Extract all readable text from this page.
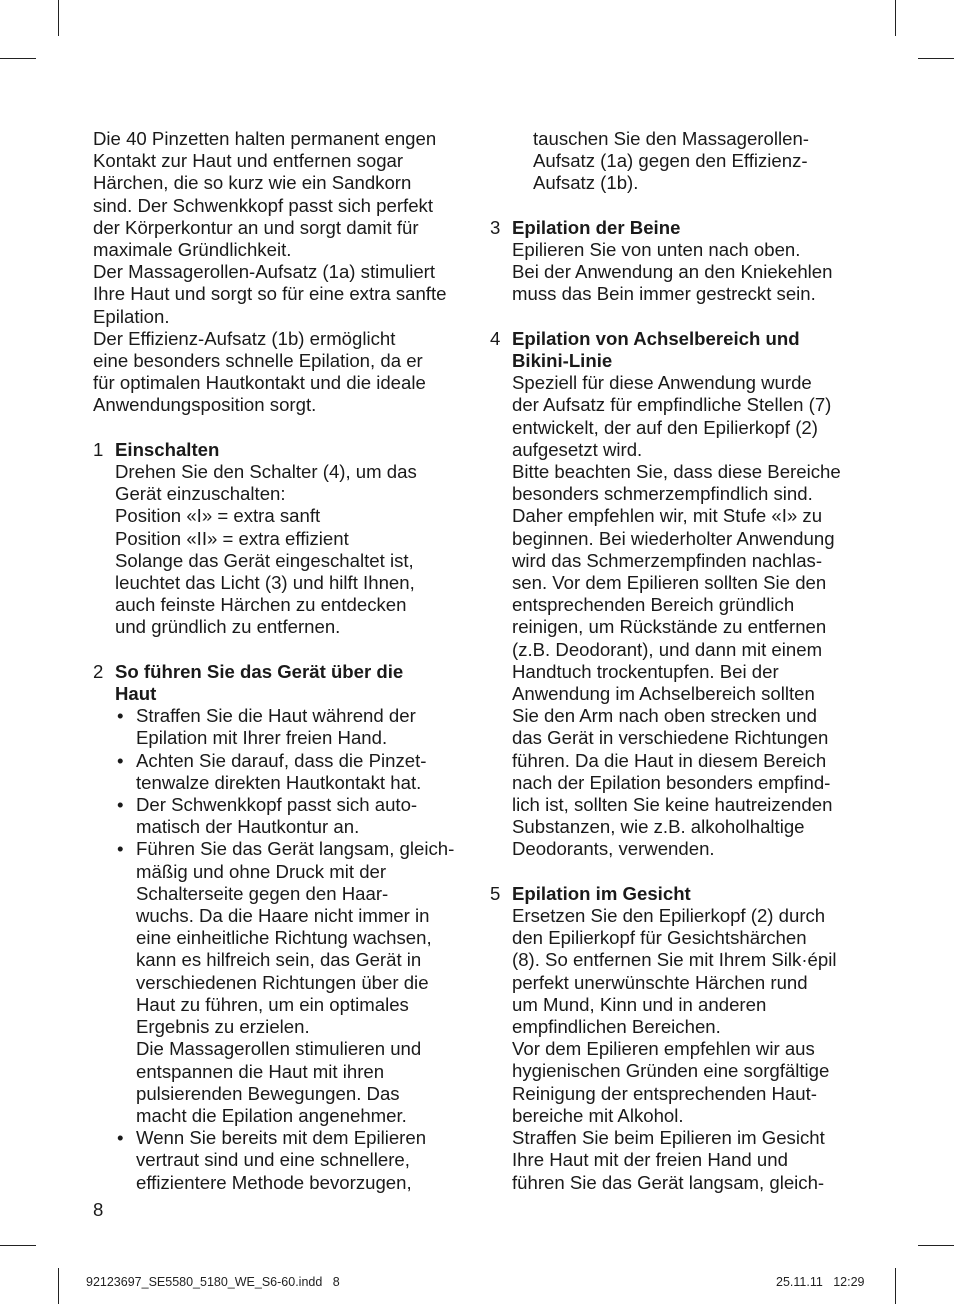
Die 40 Pinzetten halten permanent engen
Kontakt zur Haut und entfernen sogar
Härchen, die so kurz wie ein Sandkorn
sind. Der Schwenkkopf passt sich perfekt
der Körperkontur an und sorgt damit für
maximale Gründlichkeit.

Der Massagerollen-Aufsatz (1a) stimuliert
Ihre Haut und sorgt so für eine extra sanfte
Epilation.

Der Effizienz-Aufsatz (1b) ermöglicht
eine besonders schnelle Epilation, da er
für optimalen Hautkontakt und die ideale
Anwendungsposition sorgt.

1 Einschalten
Drehen Sie den Schalter (4), um das
Gerät einzuschalten:
Position «I» = extra sanft
Position «II» = extra effizient
Solange das Gerät eingeschaltet ist,
leuchtet das Licht (3) und hilft Ihnen,
auch feinste Härchen zu entdecken
und gründlich zu entfernen.
2 So führen Sie das Gerät über die
Haut
• Straffen Sie die Haut während der
Epilation mit Ihrer freien Hand.
• Achten Sie darauf, dass die Pinzet-
tenwalze direkten Hautkontakt hat.
• Der Schwenkkopf passt sich auto-
matisch der Hautkontur an.
• Führen Sie das Gerät langsam, gleich-
mäßig und ohne Druck mit der
Schalterseite gegen den Haar-
wuchs. Da die Haare nicht immer in
eine einheitliche Richtung wachsen,
kann es hilfreich sein, das Gerät in
verschiedenen Richtungen über die
Haut zu führen, um ein optimales
Ergebnis zu erzielen.
Die Massagerollen stimulieren und
entspannen die Haut mit ihren
pulsierenden Bewegungen. Das
macht die Epilation angenehmer.
• Wenn Sie bereits mit dem Epilieren
vertraut sind und eine schnellere,
effizientere Methode bevorzugen,
tauschen Sie den Massagerollen-
Aufsatz (1a) gegen den Effizienz-
Aufsatz (1b).
3 Epilation der Beine
Epilieren Sie von unten nach oben.
Bei der Anwendung an den Kniekehlen
muss das Bein immer gestreckt sein.
4 Epilation von Achselbereich und
Bikini-Linie
Speziell für diese Anwendung wurde
der Aufsatz für empfindliche Stellen (7)
entwickelt, der auf den Epilierkopf (2)
aufgesetzt wird.
Bitte beachten Sie, dass diese Bereiche
besonders schmerzempfindlich sind.
Daher empfehlen wir, mit Stufe «I» zu
beginnen. Bei wiederholter Anwendung
wird das Schmerzempfinden nachlas-
sen. Vor dem Epilieren sollten Sie den
entsprechenden Bereich gründlich
reinigen, um Rückstände zu entfernen
(z.B. Deodorant), und dann mit einem
Handtuch trockentupfen. Bei der
Anwendung im Achselbereich sollten
Sie den Arm nach oben strecken und
das Gerät in verschiedene Richtungen
führen. Da die Haut in diesem Bereich
nach der Epilation besonders empfind-
lich ist, sollten Sie keine hautreizenden
Substanzen, wie z.B. alkoholhaltige
Deodorants, verwenden.
5 Epilation im Gesicht
Ersetzen Sie den Epilierkopf (2) durch
den Epilierkopf für Gesichtshärchen
(8). So entfernen Sie mit Ihrem Silk·épil
perfekt unerwünschte Härchen rund
um Mund, Kinn und in anderen
empfindlichen Bereichen.
Vor dem Epilieren empfehlen wir aus
hygienischen Gründen eine sorgfältige
Reinigung der entsprechenden Haut-
bereiche mit Alkohol.
Straffen Sie beim Epilieren im Gesicht
Ihre Haut mit der freien Hand und
führen Sie das Gerät langsam, gleich-
8
92123697_SE5580_5180_WE_S6-60.indd   8	25.11.11   12:29
